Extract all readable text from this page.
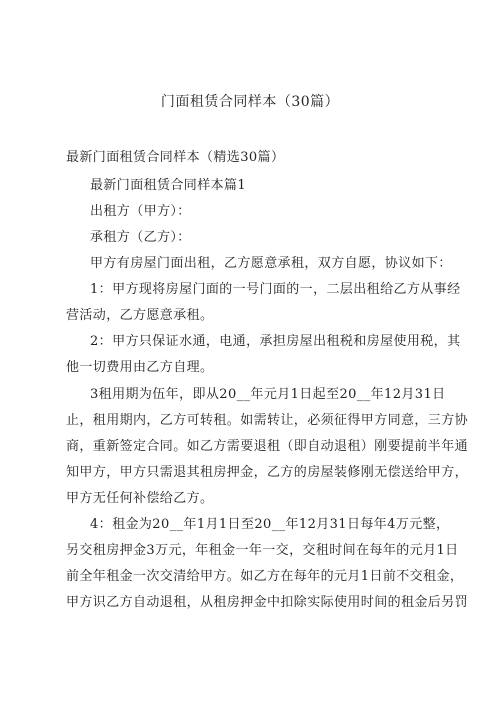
门面租赁合同样本（30篇）
最新门面租赁合同样本（精选30篇）
最新门面租赁合同样本篇1
出租方（甲方）：
承租方（乙方）：
甲方有房屋门面出租，乙方愿意承租，双方自愿，协议如下：
1：甲方现将房屋门面的一号门面的一，二层出租给乙方从事经
营活动，乙方愿意承租。
2：甲方只保证水通，电通，承担房屋出租税和房屋使用税，其
他一切费用由乙方自理。
3租用期为伍年，即从20__年元月1日起至20__年12月31日
止，租用期内，乙方可转租。如需转让，必须征得甲方同意，三方协
商，重新签定合同。如乙方需要退租（即自动退租）刚要提前半年通
知甲方，甲方只需退其租房押金，乙方的房屋装修刚无偿送给甲方，
甲方无任何补偿给乙方。
4：租金为20__年1月1日至20__年12月31日每年4万元整，
另交租房押金3万元，年租金一年一交，交租时间在每年的元月1日
前全年租金一次交清给甲方。如乙方在每年的元月1日前不交租金，
甲方识乙方自动退租，从租房押金中扣除实际使用时间的租金后另罚
